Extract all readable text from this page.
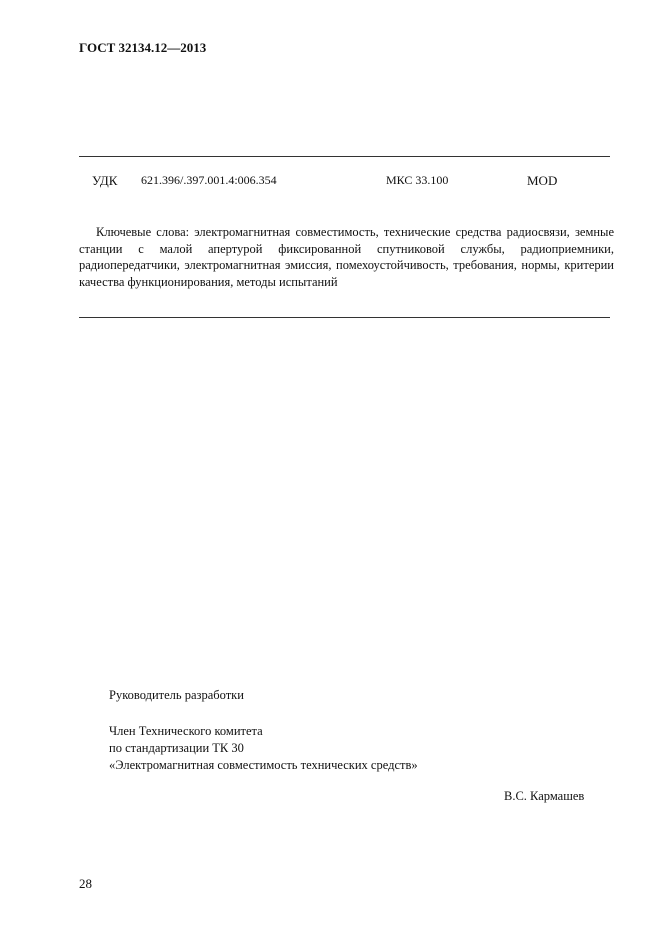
ГОСТ 32134.12—2013
УДК 621.396/.397.001.4:006.354	МКС 33.100	MOD

Ключевые слова: электромагнитная совместимость, технические средства радиосвязи, земные станции с малой апертурой фиксированной спутниковой службы, радиоприемники, радиопередатчики, электромагнитная эмиссия, помехоустойчивость, требования, нормы, критерии качества функционирования, методы испытаний

Руководитель разработки
Член Технического комитета
по стандартизации ТК 30
«Электромагнитная совместимость технических средств»
В.С. Кармашев
28
